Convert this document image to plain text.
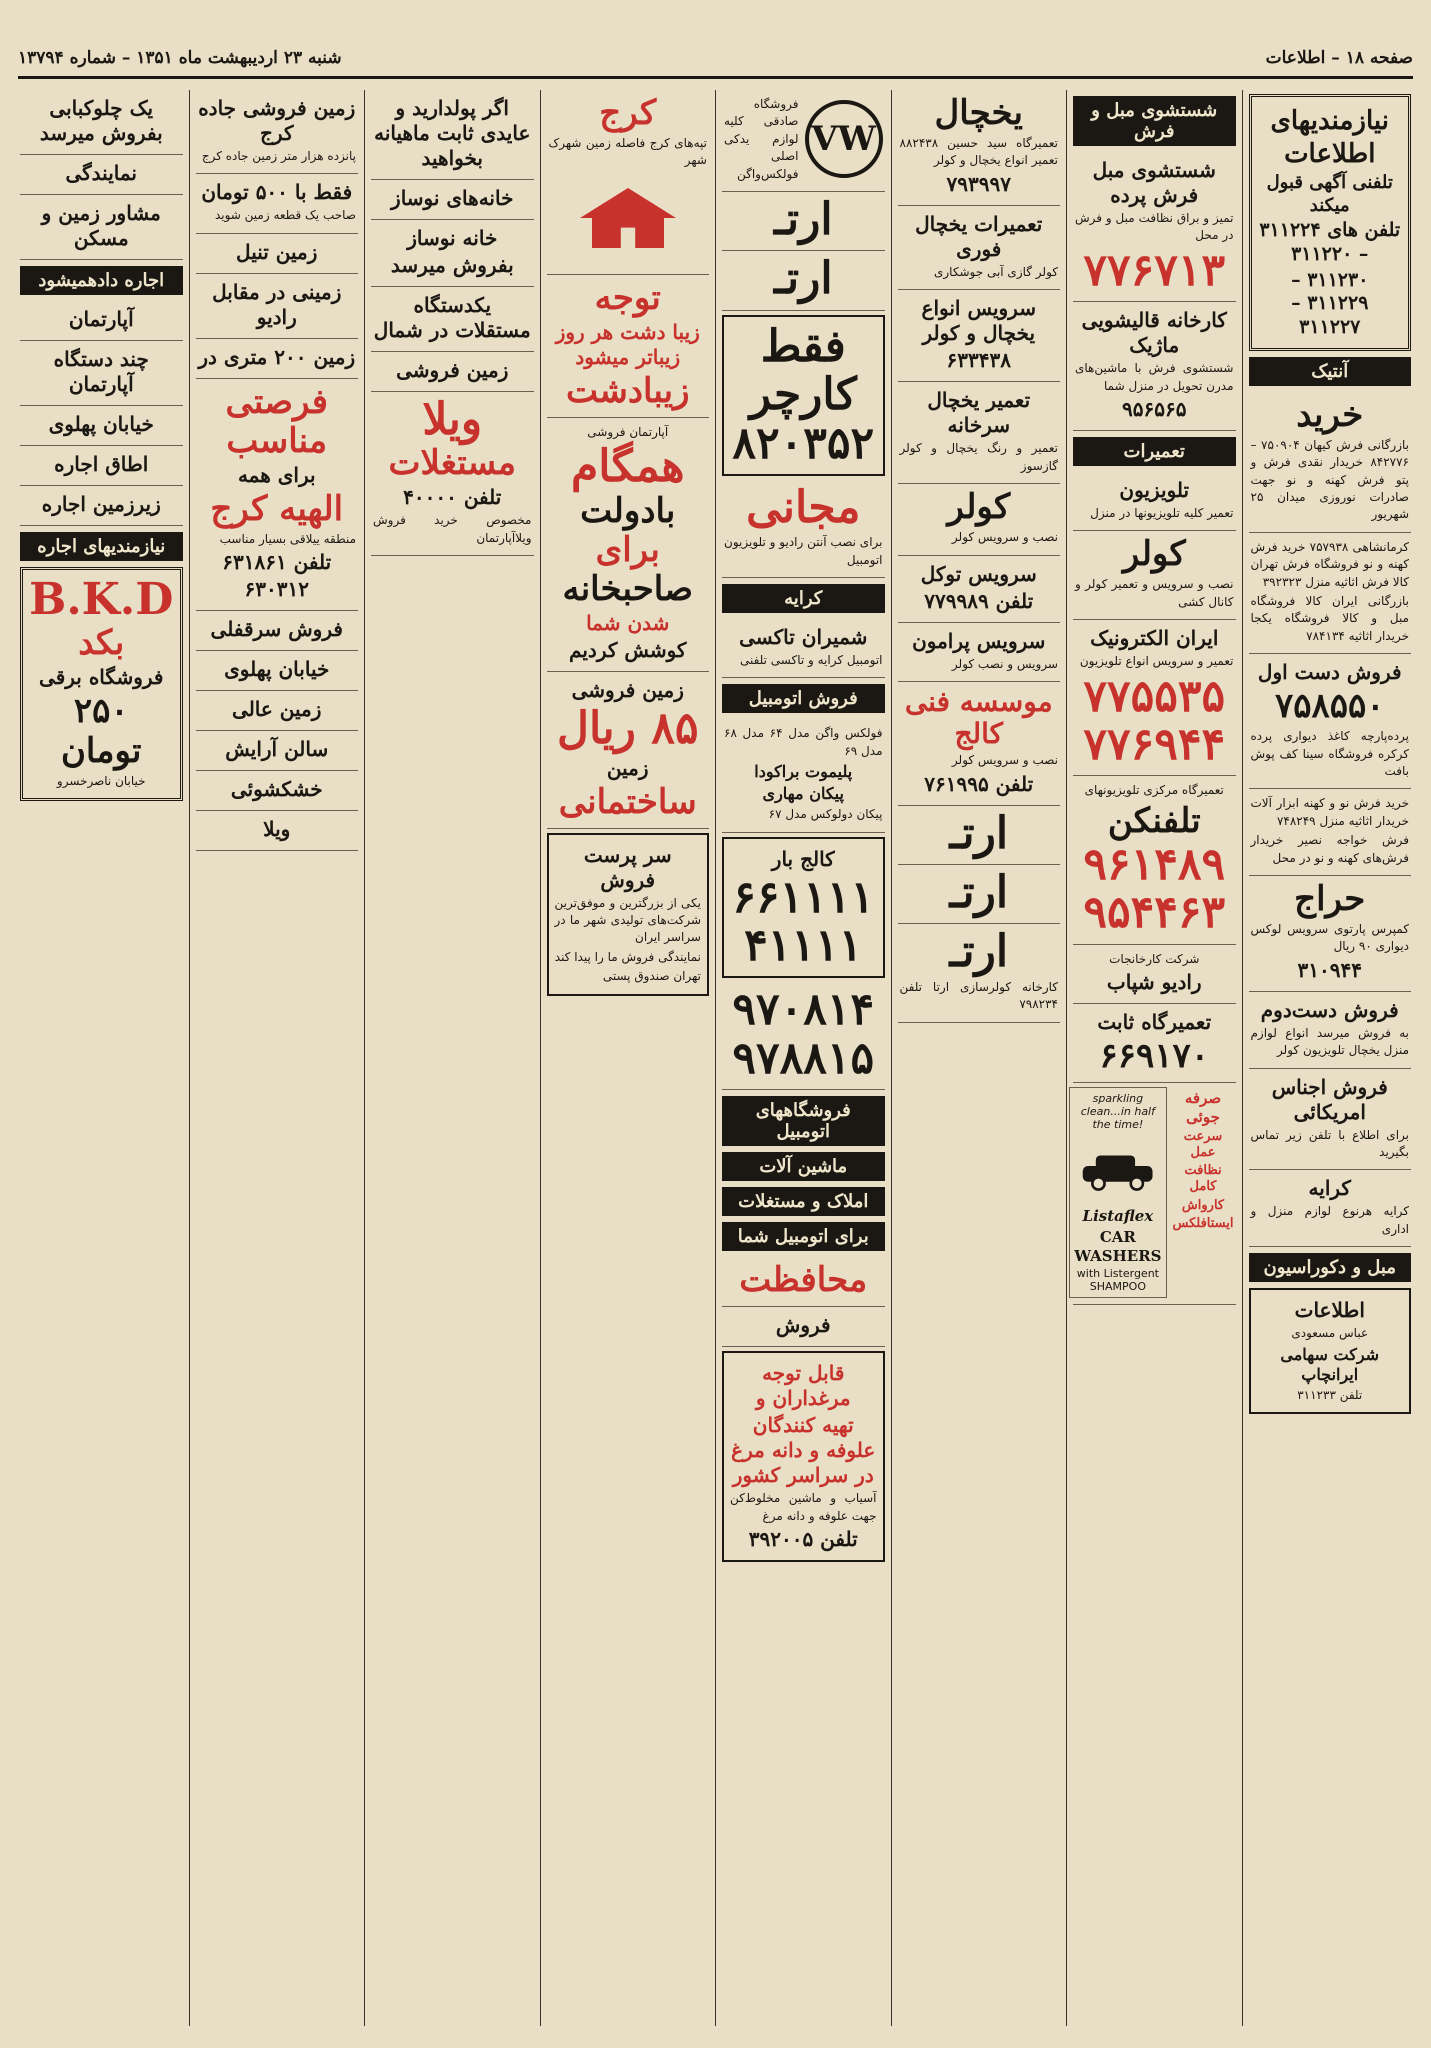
صفحه ۱۸ – اطلاعات
شنبه ۲۳ اردیبهشت ماه ۱۳۵۱ – شماره ۱۳۷۹۴
نیازمندیهای اطلاعات
تلفنی آگهی قبول میکند
تلفن های ۳۱۱۲۲۴ – ۳۱۱۲۲۰
۳۱۱۲۳۰ – ۳۱۱۲۲۹ – ۳۱۱۲۲۷
آنتیک
خرید

بازرگانی فرش کیهان ۷۵۰۹۰۴ – ۸۴۲۷۷۶ خریدار نقدی فرش و پتو فرش کهنه و نو جهت صادرات نوروزی میدان ۲۵ شهریور

کرمانشاهی ۷۵۷۹۳۸ خرید فرش کهنه و نو فروشگاه فرش تهران کالا فرش اثاثیه منزل ۳۹۲۳۲۳

بازرگانی ایران کالا فروشگاه مبل و کالا فروشگاه یکجا خریدار اثاثیه ۷۸۴۱۳۴

فروش دست اول
۷۵۸۵۵۰

پرده‌پارچه کاغذ دیواری پرده کرکره فروشگاه سینا کف پوش بافت

خرید فرش نو و کهنه ابزار آلات خریدار اثاثیه منزل ۷۴۸۲۴۹

فرش خواجه نصیر خریدار فرش‌های کهنه و نو در محل

حراج

کمپرس پارتوی سرویس لوکس دیواری ۹۰ ریال

۳۱۰۹۴۴
فروش دست‌دوم

به فروش میرسد انواع لوازم منزل یخچال تلویزیون کولر

فروش اجناس امریکائی

برای اطلاع با تلفن زیر تماس بگیرید

کرایه

کرایه هرنوع لوازم منزل و اداری

مبل و دکوراسیون
اطلاعات

عباس مسعودی

شرکت سهامی ایرانچاپ

تلفن ۳۱۱۲۳۳

شستشوی مبل و فرش
شستشوی مبل فرش پرده

تمیز و براق نظافت مبل و فرش در محل

۷۷۶۷۱۳
کارخانه قالیشویی ماژیک

شستشوی فرش با ماشین‌های مدرن تحویل در منزل شما

۹۵۶۵۶۵
تعمیرات
تلویزیون

تعمیر کلیه تلویزیونها در منزل

کولر

نصب و سرویس و تعمیر کولر و کانال کشی

ایران الکترونیک

تعمیر و سرویس انواع تلویزیون

۷۷۵۵۳۵
۷۷۶۹۴۴

تعمیرگاه مرکزی تلویزیونهای

تلفنکن
۹۶۱۴۸۹
۹۵۴۴۶۳

شرکت کارخانجات

رادیو شپاب
تعمیرگاه ثابت
۶۶۹۱۷۰
صرفه جوئی
سرعت عمل
نظافت کامل
کارواش
ایستافلکس
sparkling clean...in half the time!
Listaflex
CAR WASHERS
with Listergent SHAMPOO
یخچال

تعمیرگاه سید حسین ۸۸۲۴۳۸ تعمیر انواع یخچال و کولر

۷۹۳۹۹۷
تعمیرات یخچال فوری

کولر گازی آبی جوشکاری

سرویس انواع یخچال و کولر
۶۳۳۴۳۸
تعمیر یخچال سرخانه

تعمیر و رنگ یخچال و کولر گازسوز

کولر

نصب و سرویس کولر

سرویس توکل
تلفن ۷۷۹۹۸۹
سرویس پرامون

سرویس و نصب کولر

موسسه فنی کالج

نصب و سرویس کولر

تلفن ۷۶۱۹۹۵
ارتـ
ارتـ
ارتـ

کارخانه کولرسازی ارتا تلفن ۷۹۸۲۳۴

VW

فروشگاه صادقی کلیه لوازم یدکی اصلی فولکس‌واگن

ارتـ
ارتـ
فقط کارچر
۸۲۰۳۵۲
مجانی

برای نصب آنتن رادیو و تلویزیون اتومبیل

کرایه
شمیران تاکسی

اتومبیل کرایه و تاکسی تلفنی

فروش اتومبیل

فولکس واگن مدل ۶۴ مدل ۶۸ مدل ۶۹

پلیموت براکودا
پیکان مهاری

پیکان دولوکس مدل ۶۷

کالج بار
۶۶۱۱۱۱
۴۱۱۱۱
۹۷۰۸۱۴
۹۷۸۸۱۵
فروشگاههای اتومبیل
ماشین آلات
املاک و مستغلات
برای اتومبیل شما
محافظت
فروش
قابل توجه مرغداران و
تهیه کنندگان علوفه و دانه مرغ در سراسر کشور

آسیاب و ماشین مخلوط‌کن جهت علوفه و دانه مرغ

تلفن ۳۹۲۰۰۵
کرج

تپه‌های کرج فاصله زمین شهرک شهر

توجه
زیبا دشت هر روز زیباتر میشود
زیبادشت

آپارتمان فروشی

همگام
بادولت
برای
صاحبخانه
شدن شما
کوشش کردیم
زمین فروشی
۸۵ ریال
زمین
ساختمانی
سر پرست فروش

یکی از بزرگترین و موفق‌ترین شرکت‌های تولیدی شهر ما در سراسر ایران

نمایندگی فروش ما را پیدا کند

تهران صندوق پستی

اگر پولدارید و عایدی ثابت ماهیانه بخواهید
خانه‌های نوساز
خانه نوساز
بفروش میرسد
یکدستگاه مستقلات در شمال
زمین فروشی
ویلا
مستغلات
تلفن ۴۰۰۰۰

مخصوص خرید فروش ویلاآپارتمان

زمین فروشی جاده کرج

پانزده هزار متر زمین جاده کرج

فقط با ۵۰۰ تومان

صاحب یک قطعه زمین شوید

زمین تنیل
زمینی در مقابل رادیو
زمین ۲۰۰ متری در
فرصتی مناسب
برای همه
الهیه کرج

منطقه ییلاقی بسیار مناسب

تلفن ۶۳۱۸۶۱
۶۳۰۳۱۲
فروش سرقفلی
خیابان پهلوی
زمین عالی
سالن آرایش
خشکشوئی
ویلا
یک چلوکبابی بفروش میرسد
نمایندگی
مشاور زمین و مسکن
اجاره دادهمیشود
آپارتمان
چند دستگاه آپارتمان
خیابان پهلوی
اطاق اجاره
زیرزمین اجاره
نیازمندیهای اجاره
B.K.D
بکد
فروشگاه برقی
۲۵۰ تومان

خیابان ناصرخسرو
